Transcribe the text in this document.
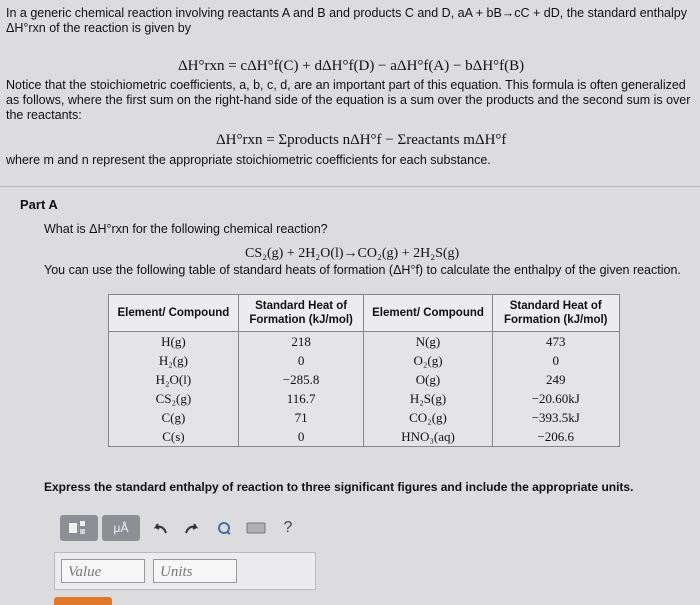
In a generic chemical reaction involving reactants A and B and products C and D, aA + bB→cC + dD, the standard enthalpy ΔH°rxn of the reaction is given by

ΔH°rxn = cΔH°f(C) + dΔH°f(D) − aΔH°f(A) − bΔH°f(B)

Notice that the stoichiometric coefficients, a, b, c, d, are an important part of this equation. This formula is often generalized as follows, where the first sum on the right-hand side of the equation is a sum over the products and the second sum is over the reactants:

ΔH°rxn = Σproducts nΔH°f − Σreactants mΔH°f

where m and n represent the appropriate stoichiometric coefficients for each substance.

Part A
What is ΔH°rxn for the following chemical reaction?
CS₂(g) + 2H₂O(l)→CO₂(g) + 2H₂S(g)
You can use the following table of standard heats of formation (ΔH°f) to calculate the enthalpy of the given reaction.
Element/ Compound	Standard Heat of Formation (kJ/mol)	Element/ Compound	Standard Heat of Formation (kJ/mol)
H(g)	218	N(g)	473
H₂(g)	0	O₂(g)	0
H₂O(l)	−285.8	O(g)	249
CS₂(g)	116.7	H₂S(g)	−20.60kJ
C(g)	71	CO₂(g)	−393.5kJ
C(s)	0	HNO₃(aq)	−206.6
Express the standard enthalpy of reaction to three significant figures and include the appropriate units.
μÅ	?
Value	Units
